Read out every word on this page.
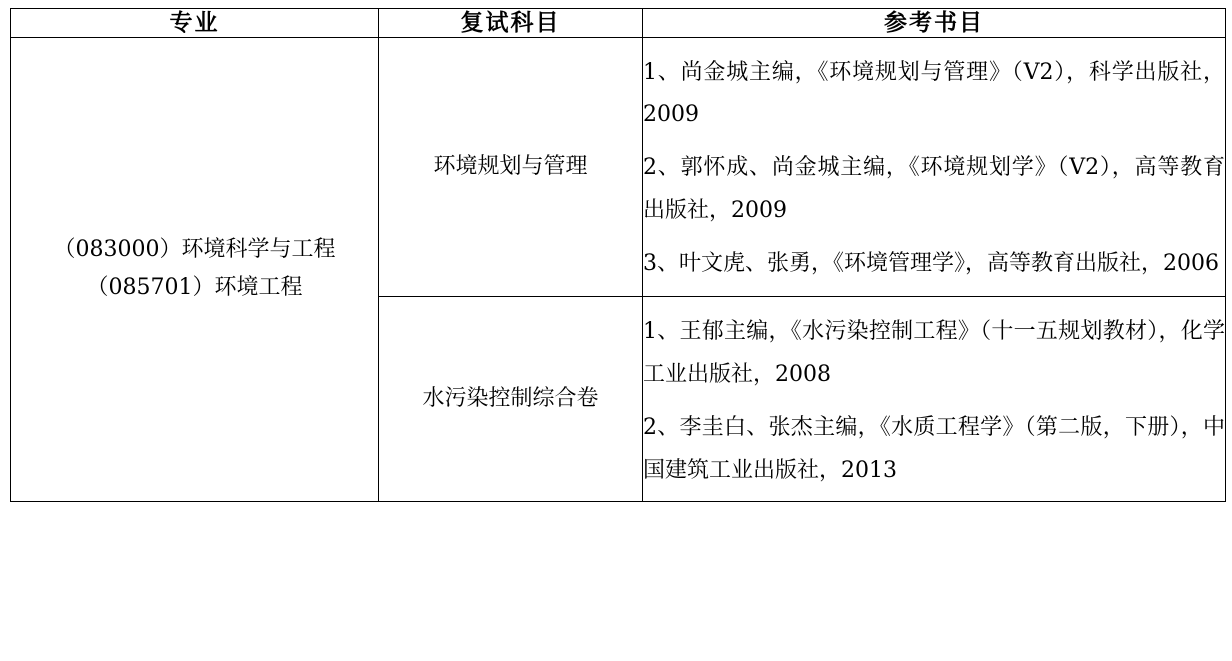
专业	复试科目	参考书目

（083000）环境科学与工程
（085701）环境工程	环境规划与管理	1、尚金城主编，《环境规划与管理》（V2），科学出版社，2009
2、郭怀成、尚金城主编，《环境规划学》（V2），高等教育出版社，2009
3、叶文虎、张勇，《环境管理学》，高等教育出版社，2006

	水污染控制综合卷	1、王郁主编，《水污染控制工程》（十一五规划教材），化学工业出版社，2008
2、李圭白、张杰主编，《水质工程学》（第二版，下册），中国建筑工业出版社，2013
